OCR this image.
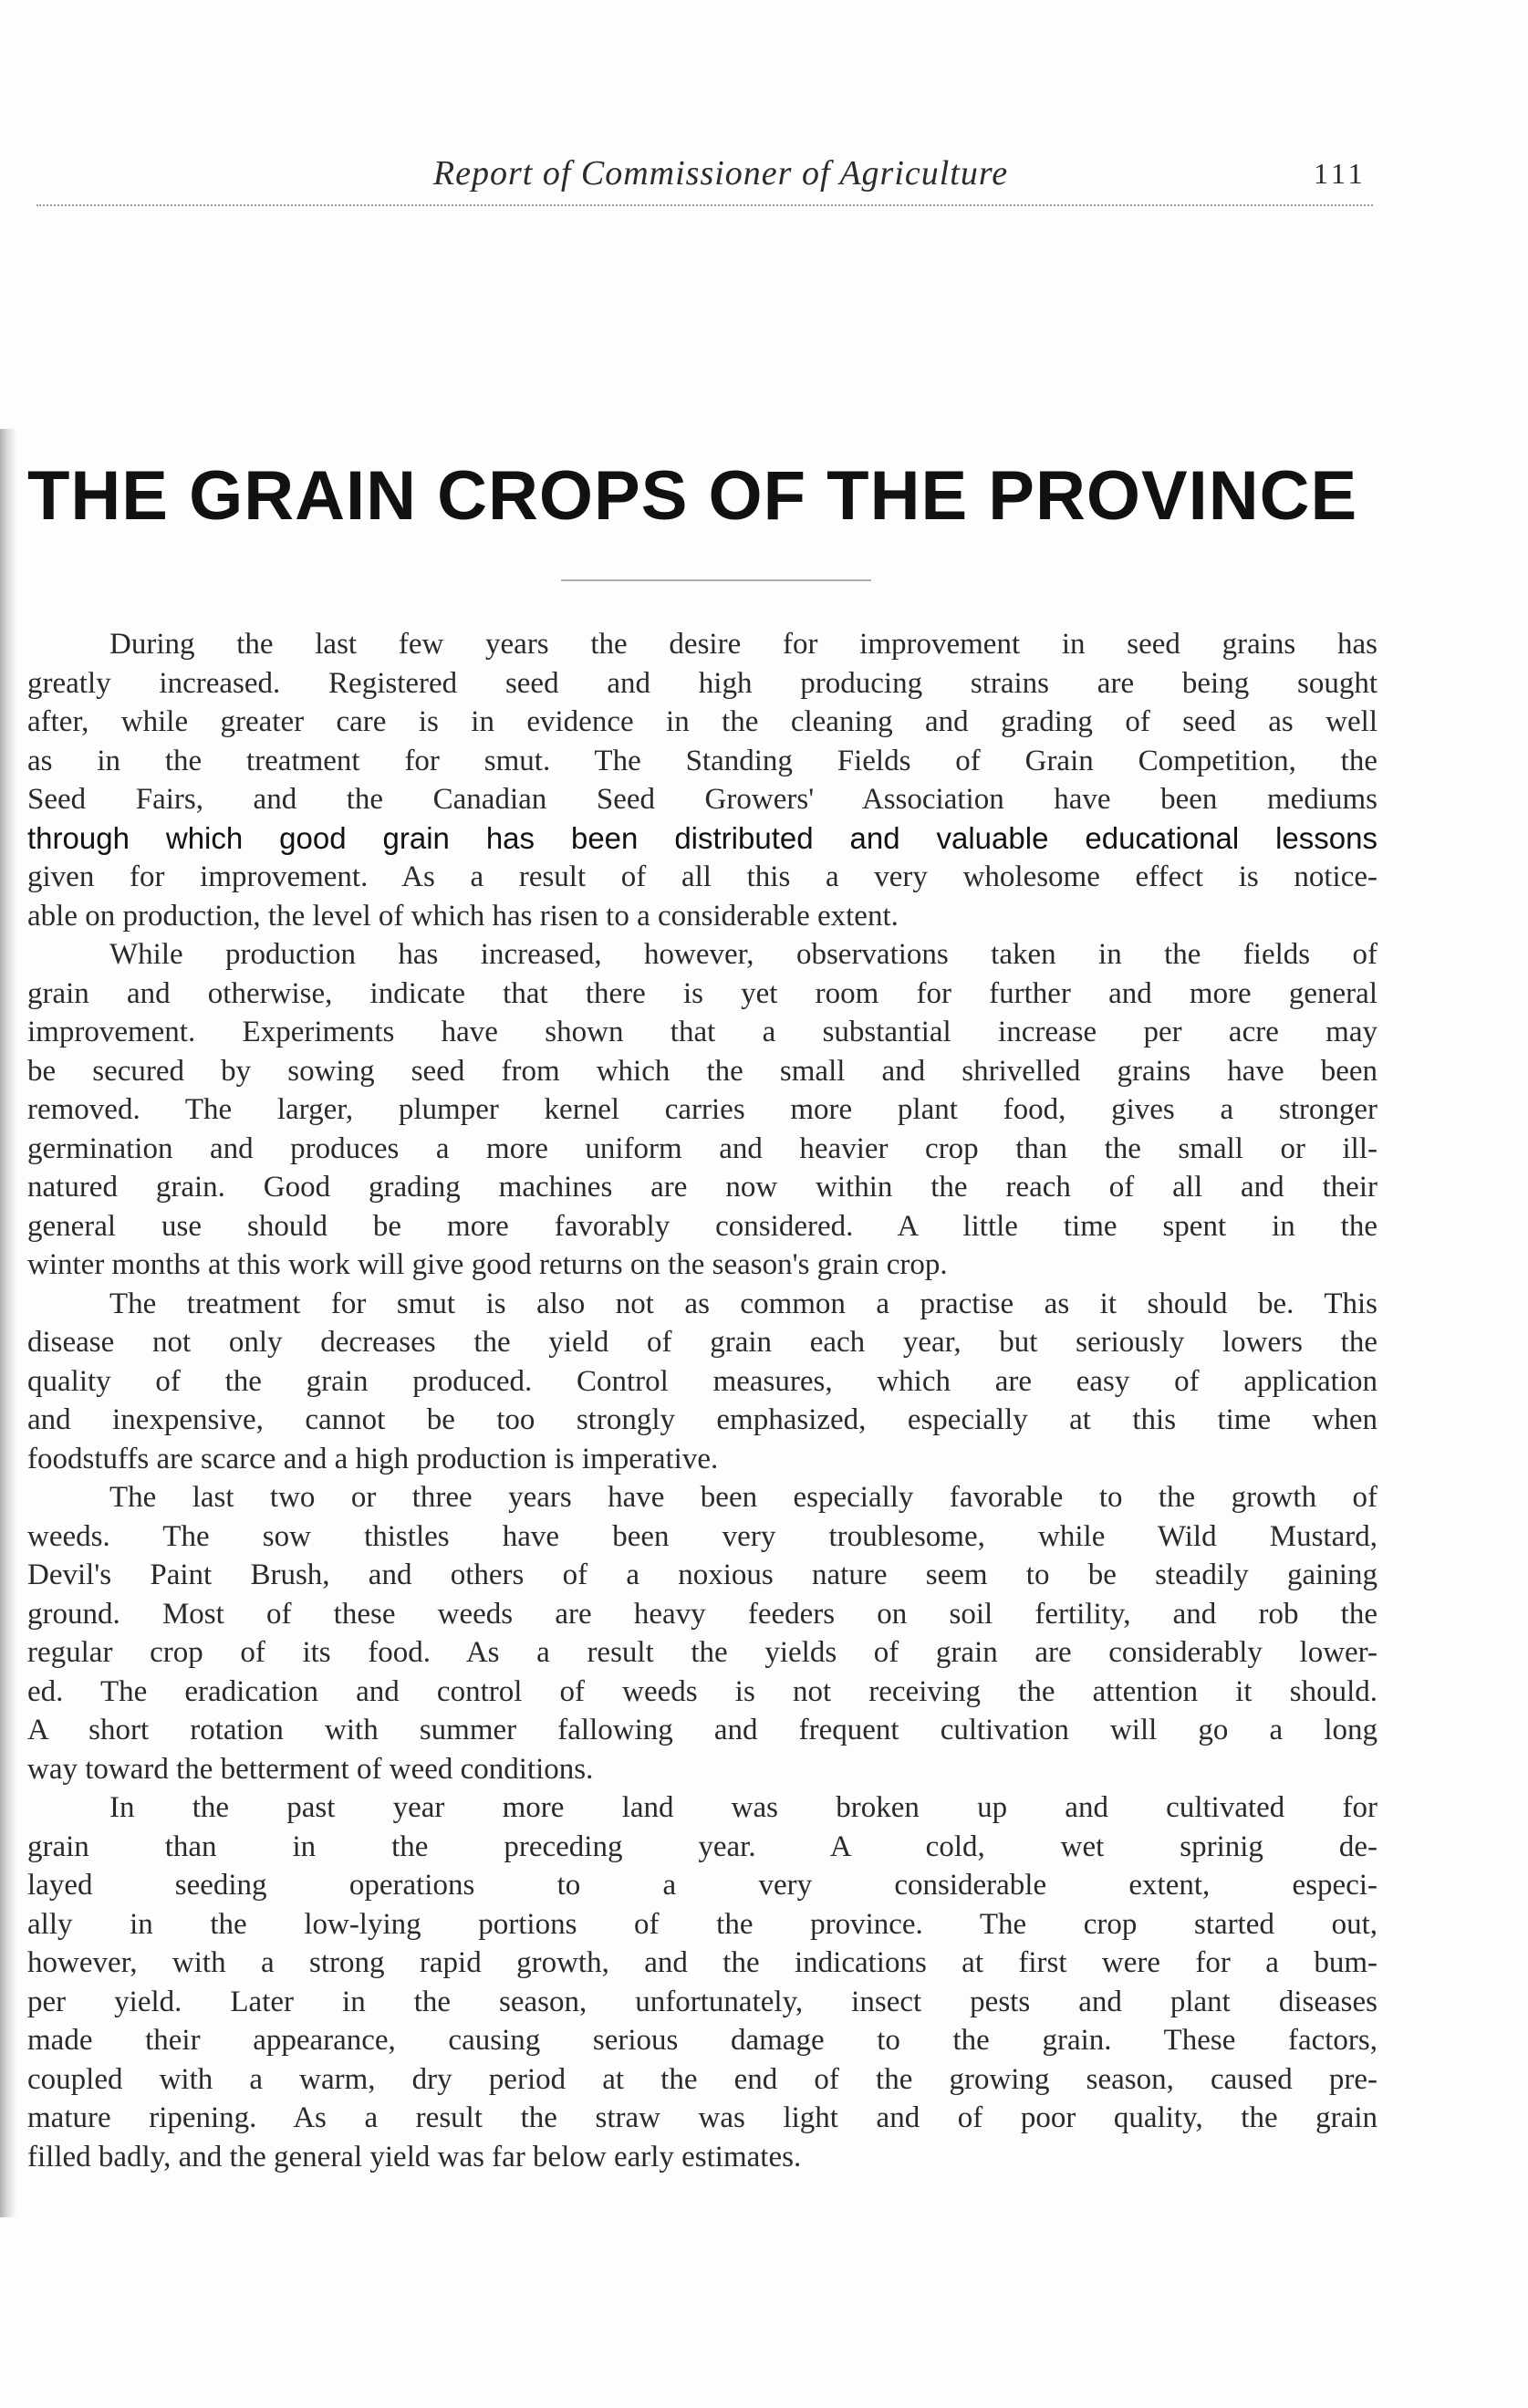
Report of Commissioner of Agriculture	111
THE GRAIN CROPS OF THE PROVINCE
During the last few years the desire for improvement in seed grains has
greatly increased. Registered seed and high producing strains are being sought
after, while greater care is in evidence in the cleaning and grading of seed as well
as in the treatment for smut. The Standing Fields of Grain Competition, the
Seed Fairs, and the Canadian Seed Growers' Association have been mediums
through which good grain has been distributed and valuable educational lessons
given for improvement. As a result of all this a very wholesome effect is notice-
able on production, the level of which has risen to a considerable extent.
While production has increased, however, observations taken in the fields of
grain and otherwise, indicate that there is yet room for further and more general
improvement. Experiments have shown that a substantial increase per acre may
be secured by sowing seed from which the small and shrivelled grains have been
removed. The larger, plumper kernel carries more plant food, gives a stronger
germination and produces a more uniform and heavier crop than the small or ill-
natured grain. Good grading machines are now within the reach of all and their
general use should be more favorably considered. A little time spent in the
winter months at this work will give good returns on the season's grain crop.
The treatment for smut is also not as common a practise as it should be. This
disease not only decreases the yield of grain each year, but seriously lowers the
quality of the grain produced. Control measures, which are easy of application
and inexpensive, cannot be too strongly emphasized, especially at this time when
foodstuffs are scarce and a high production is imperative.
The last two or three years have been especially favorable to the growth of
weeds. The sow thistles have been very troublesome, while Wild Mustard,
Devil's Paint Brush, and others of a noxious nature seem to be steadily gaining
ground. Most of these weeds are heavy feeders on soil fertility, and rob the
regular crop of its food. As a result the yields of grain are considerably lower-
ed. The eradication and control of weeds is not receiving the attention it should.
A short rotation with summer fallowing and frequent cultivation will go a long
way toward the betterment of weed conditions.
In the past year more land was broken up and cultivated for
grain than in the preceding year. A cold, wet sprinig de-
layed seeding operations to a very considerable extent, especi-
ally in the low-lying portions of the province. The crop started out,
however, with a strong rapid growth, and the indications at first were for a bum-
per yield. Later in the season, unfortunately, insect pests and plant diseases
made their appearance, causing serious damage to the grain. These factors,
coupled with a warm, dry period at the end of the growing season, caused pre-
mature ripening. As a result the straw was light and of poor quality, the grain
filled badly, and the general yield was far below early estimates.
